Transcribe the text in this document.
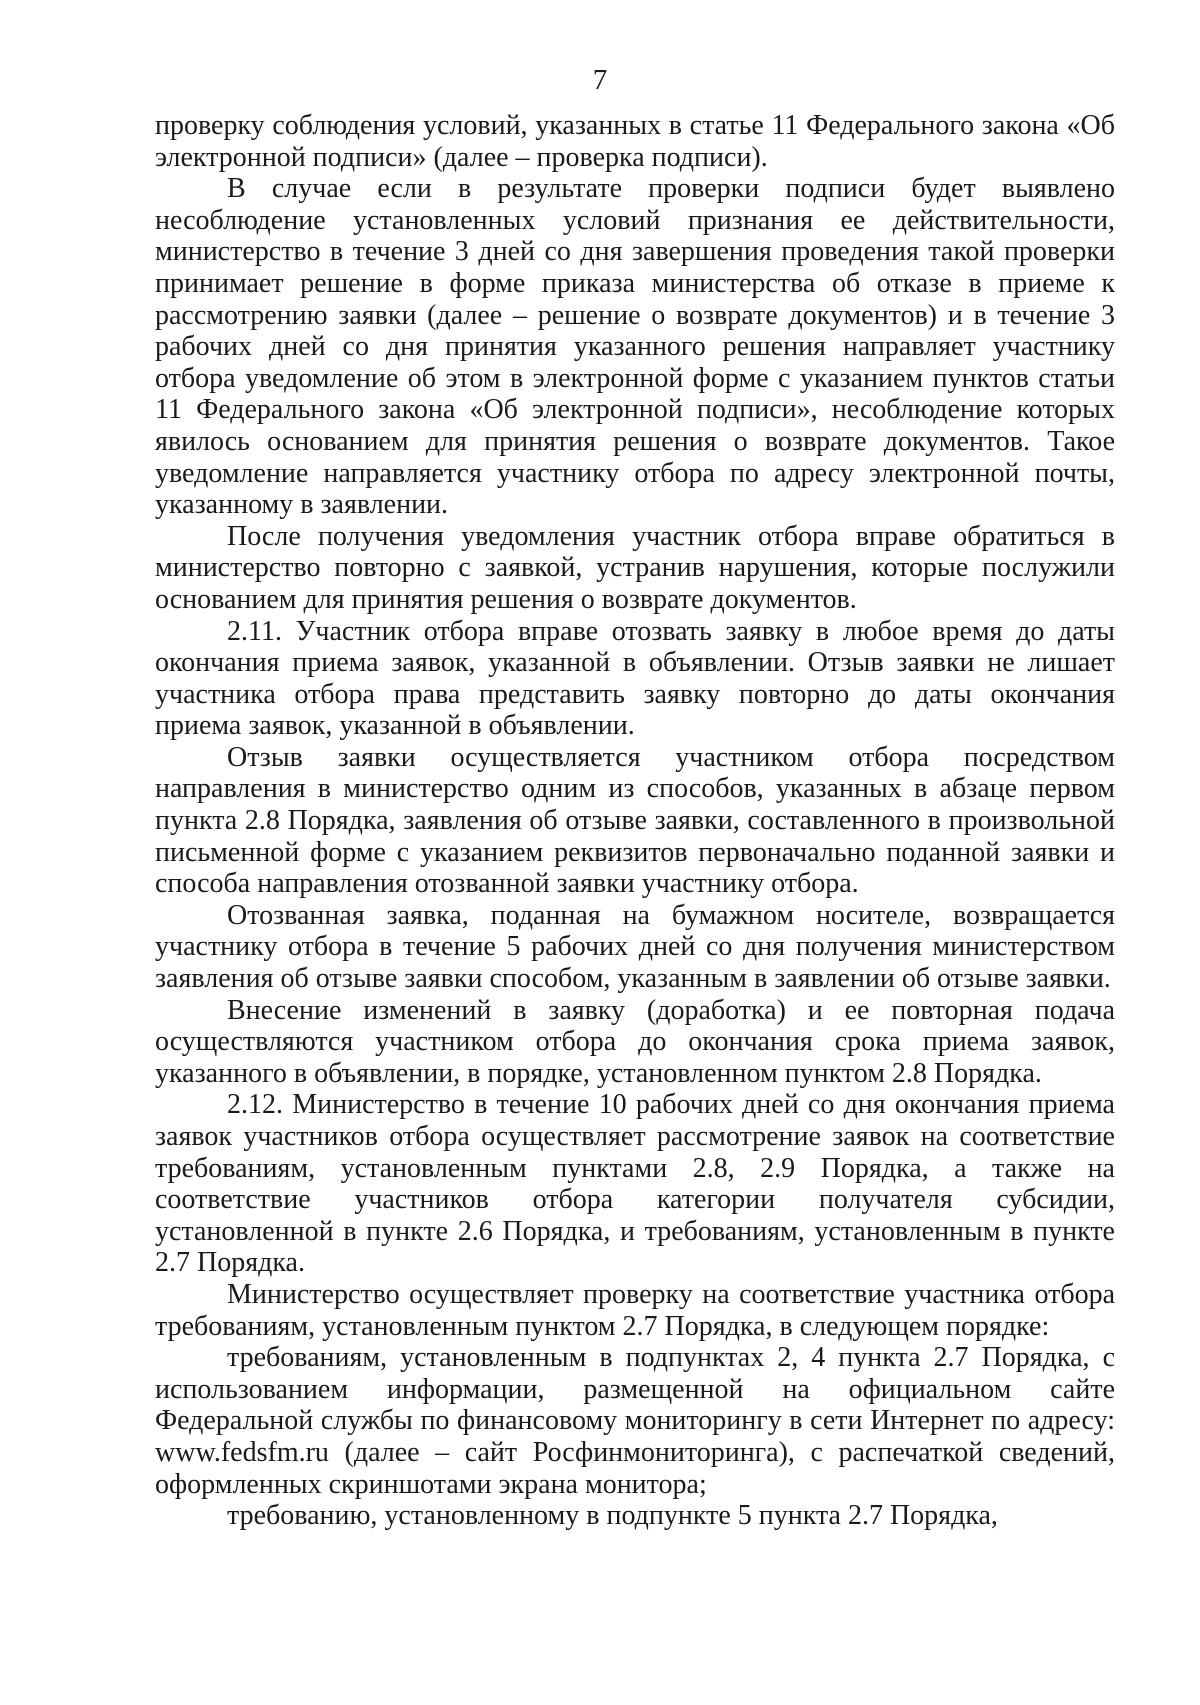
7

проверку соблюдения условий, указанных в статье 11 Федерального закона «Об электронной подписи» (далее – проверка подписи).

В случае если в результате проверки подписи будет выявлено несоблюдение установленных условий признания ее действительности, министерство в течение 3 дней со дня завершения проведения такой проверки принимает решение в форме приказа министерства об отказе в приеме к рассмотрению заявки (далее – решение о возврате документов) и в течение 3 рабочих дней со дня принятия указанного решения направляет участнику отбора уведомление об этом в электронной форме с указанием пунктов статьи 11 Федерального закона «Об электронной подписи», несоблюдение которых явилось основанием для принятия решения о возврате документов. Такое уведомление направляется участнику отбора по адресу электронной почты, указанному в заявлении.

После получения уведомления участник отбора вправе обратиться в министерство повторно с заявкой, устранив нарушения, которые послужили основанием для принятия решения о возврате документов.

2.11. Участник отбора вправе отозвать заявку в любое время до даты окончания приема заявок, указанной в объявлении. Отзыв заявки не лишает участника отбора права представить заявку повторно до даты окончания приема заявок, указанной в объявлении.

Отзыв заявки осуществляется участником отбора посредством направления в министерство одним из способов, указанных в абзаце первом пункта 2.8 Порядка, заявления об отзыве заявки, составленного в произвольной письменной форме с указанием реквизитов первоначально поданной заявки и способа направления отозванной заявки участнику отбора.

Отозванная заявка, поданная на бумажном носителе, возвращается участнику отбора в течение 5 рабочих дней со дня получения министерством заявления об отзыве заявки способом, указанным в заявлении об отзыве заявки.

Внесение изменений в заявку (доработка) и ее повторная подача осуществляются участником отбора до окончания срока приема заявок, указанного в объявлении, в порядке, установленном пунктом 2.8 Порядка.

2.12. Министерство в течение 10 рабочих дней со дня окончания приема заявок участников отбора осуществляет рассмотрение заявок на соответствие требованиям, установленным пунктами 2.8, 2.9 Порядка, а также на соответствие участников отбора категории получателя субсидии, установленной в пункте 2.6 Порядка, и требованиям, установленным в пункте 2.7 Порядка.

Министерство осуществляет проверку на соответствие участника отбора требованиям, установленным пунктом 2.7 Порядка, в следующем порядке:

требованиям, установленным в подпунктах 2, 4 пункта 2.7 Порядка, с использованием информации, размещенной на официальном сайте Федеральной службы по финансовому мониторингу в сети Интернет по адресу: www.fedsfm.ru (далее – сайт Росфинмониторинга), с распечаткой сведений, оформленных скриншотами экрана монитора;

требованию, установленному в подпункте 5 пункта 2.7 Порядка,
